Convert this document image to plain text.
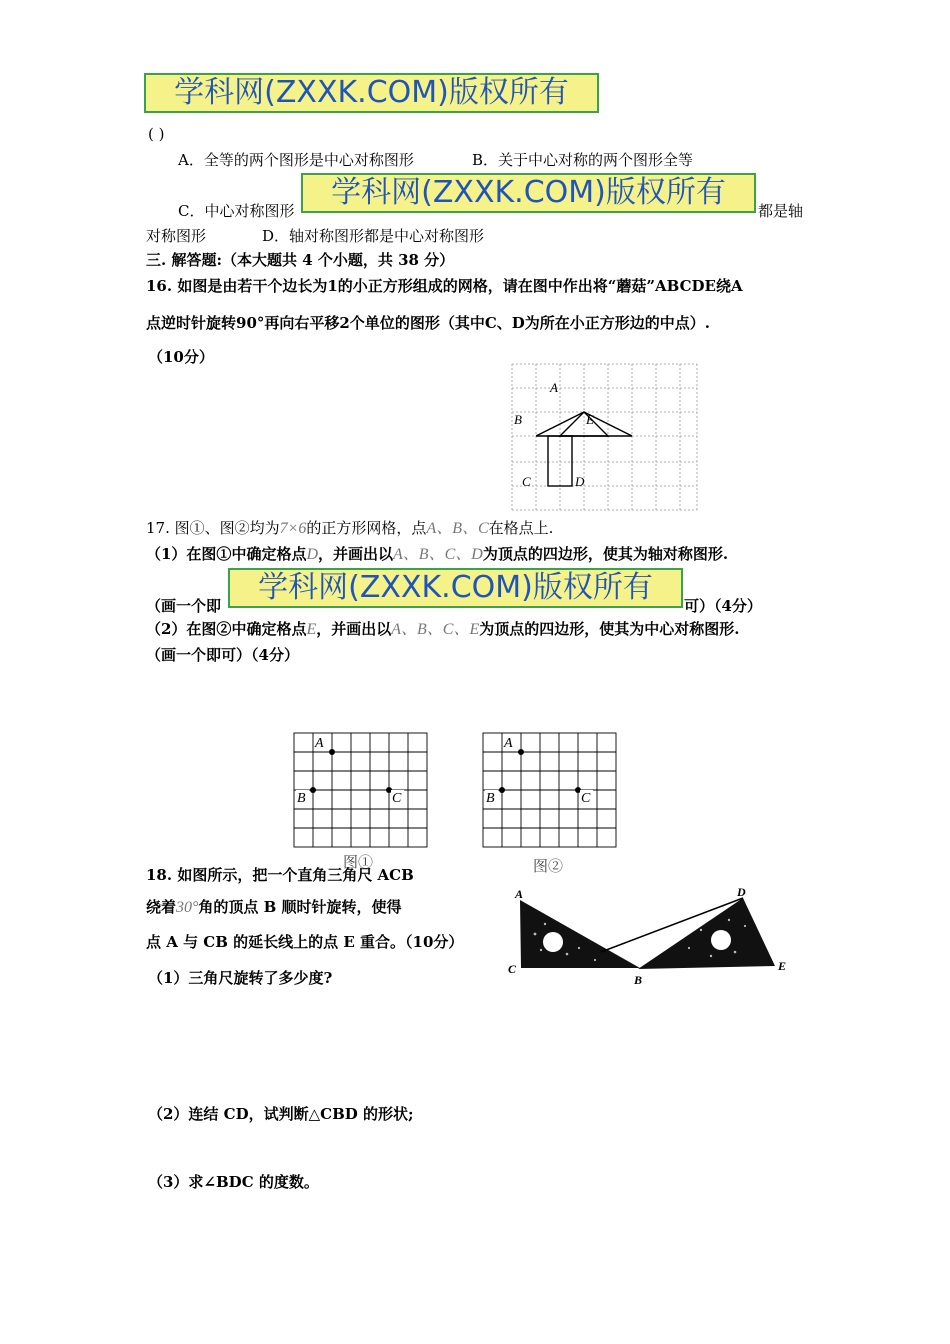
学科网(ZXXK.COM)版权所有
学科网(ZXXK.COM)版权所有
学科网(ZXXK.COM)版权所有
( )
A．全等的两个图形是中心对称图形	B．关于中心对称的两个图形全等
C．中心对称图形	都是轴
对称图形	D．轴对称图形都是中心对称图形
三. 解答题:（本大题共 4 个小题，共 38 分）
16. 如图是由若干个边长为1的小正方形组成的网格，请在图中作出将“蘑菇”ABCDE绕A
点逆时针旋转90°再向右平移2个单位的图形（其中C、D为所在小正方形边的中点）.
（10分）
A
B	E
C	D
17. 图①、图②均为7×6的正方形网格，点A、B、C在格点上.
（1）在图①中确定格点D，并画出以A、B、C、D为顶点的四边形，使其为轴对称图形.
（画一个即	可）（4分）
（2）在图②中确定格点E，并画出以A、B、C、E为顶点的四边形，使其为中心对称图形.
（画一个即可）（4分）
A
B	C
图①
A
B	C
图②
18. 如图所示，把一个直角三角尺 ACB
绕着30°角的顶点 B 顺时针旋转，使得
点 A 与 CB 的延长线上的点 E 重合。（10分）
（1）三角尺旋转了多少度?
（2）连结 CD，试判断△CBD 的形状;
（3）求∠BDC 的度数。
A
C
B
D
E
